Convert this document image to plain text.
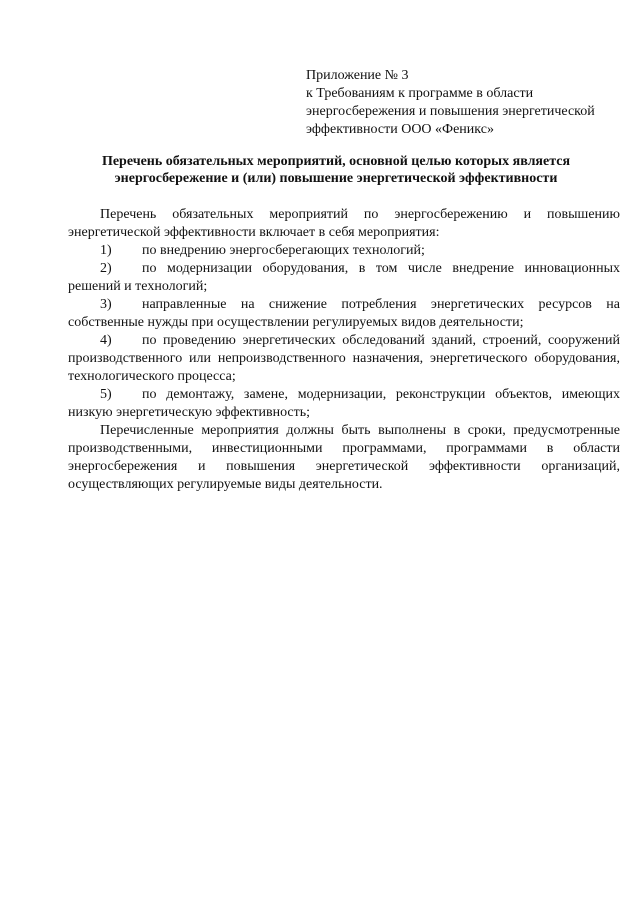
Приложение № 3
к Требованиям к программе в области
энергосбережения и повышения энергетической
эффективности ООО «Феникс»
Перечень обязательных мероприятий, основной целью которых является
энергосбережение и (или) повышение энергетической эффективности

Перечень обязательных мероприятий по энергосбережению и повышению энергетической эффективности включает в себя мероприятия:

1) по внедрению энергосберегающих технологий;

2) по модернизации оборудования, в том числе внедрение инновационных решений и технологий;

3) направленные на снижение потребления энергетических ресурсов на собственные нужды при осуществлении регулируемых видов деятельности;

4) по проведению энергетических обследований зданий, строений, сооружений производственного или непроизводственного назначения, энергетического оборудования, технологического процесса;

5) по демонтажу, замене, модернизации, реконструкции объектов, имеющих низкую энергетическую эффективность;

Перечисленные мероприятия должны быть выполнены в сроки, предусмотренные производственными, инвестиционными программами, программами в области энергосбережения и повышения энергетической эффективности организаций, осуществляющих регулируемые виды деятельности.
